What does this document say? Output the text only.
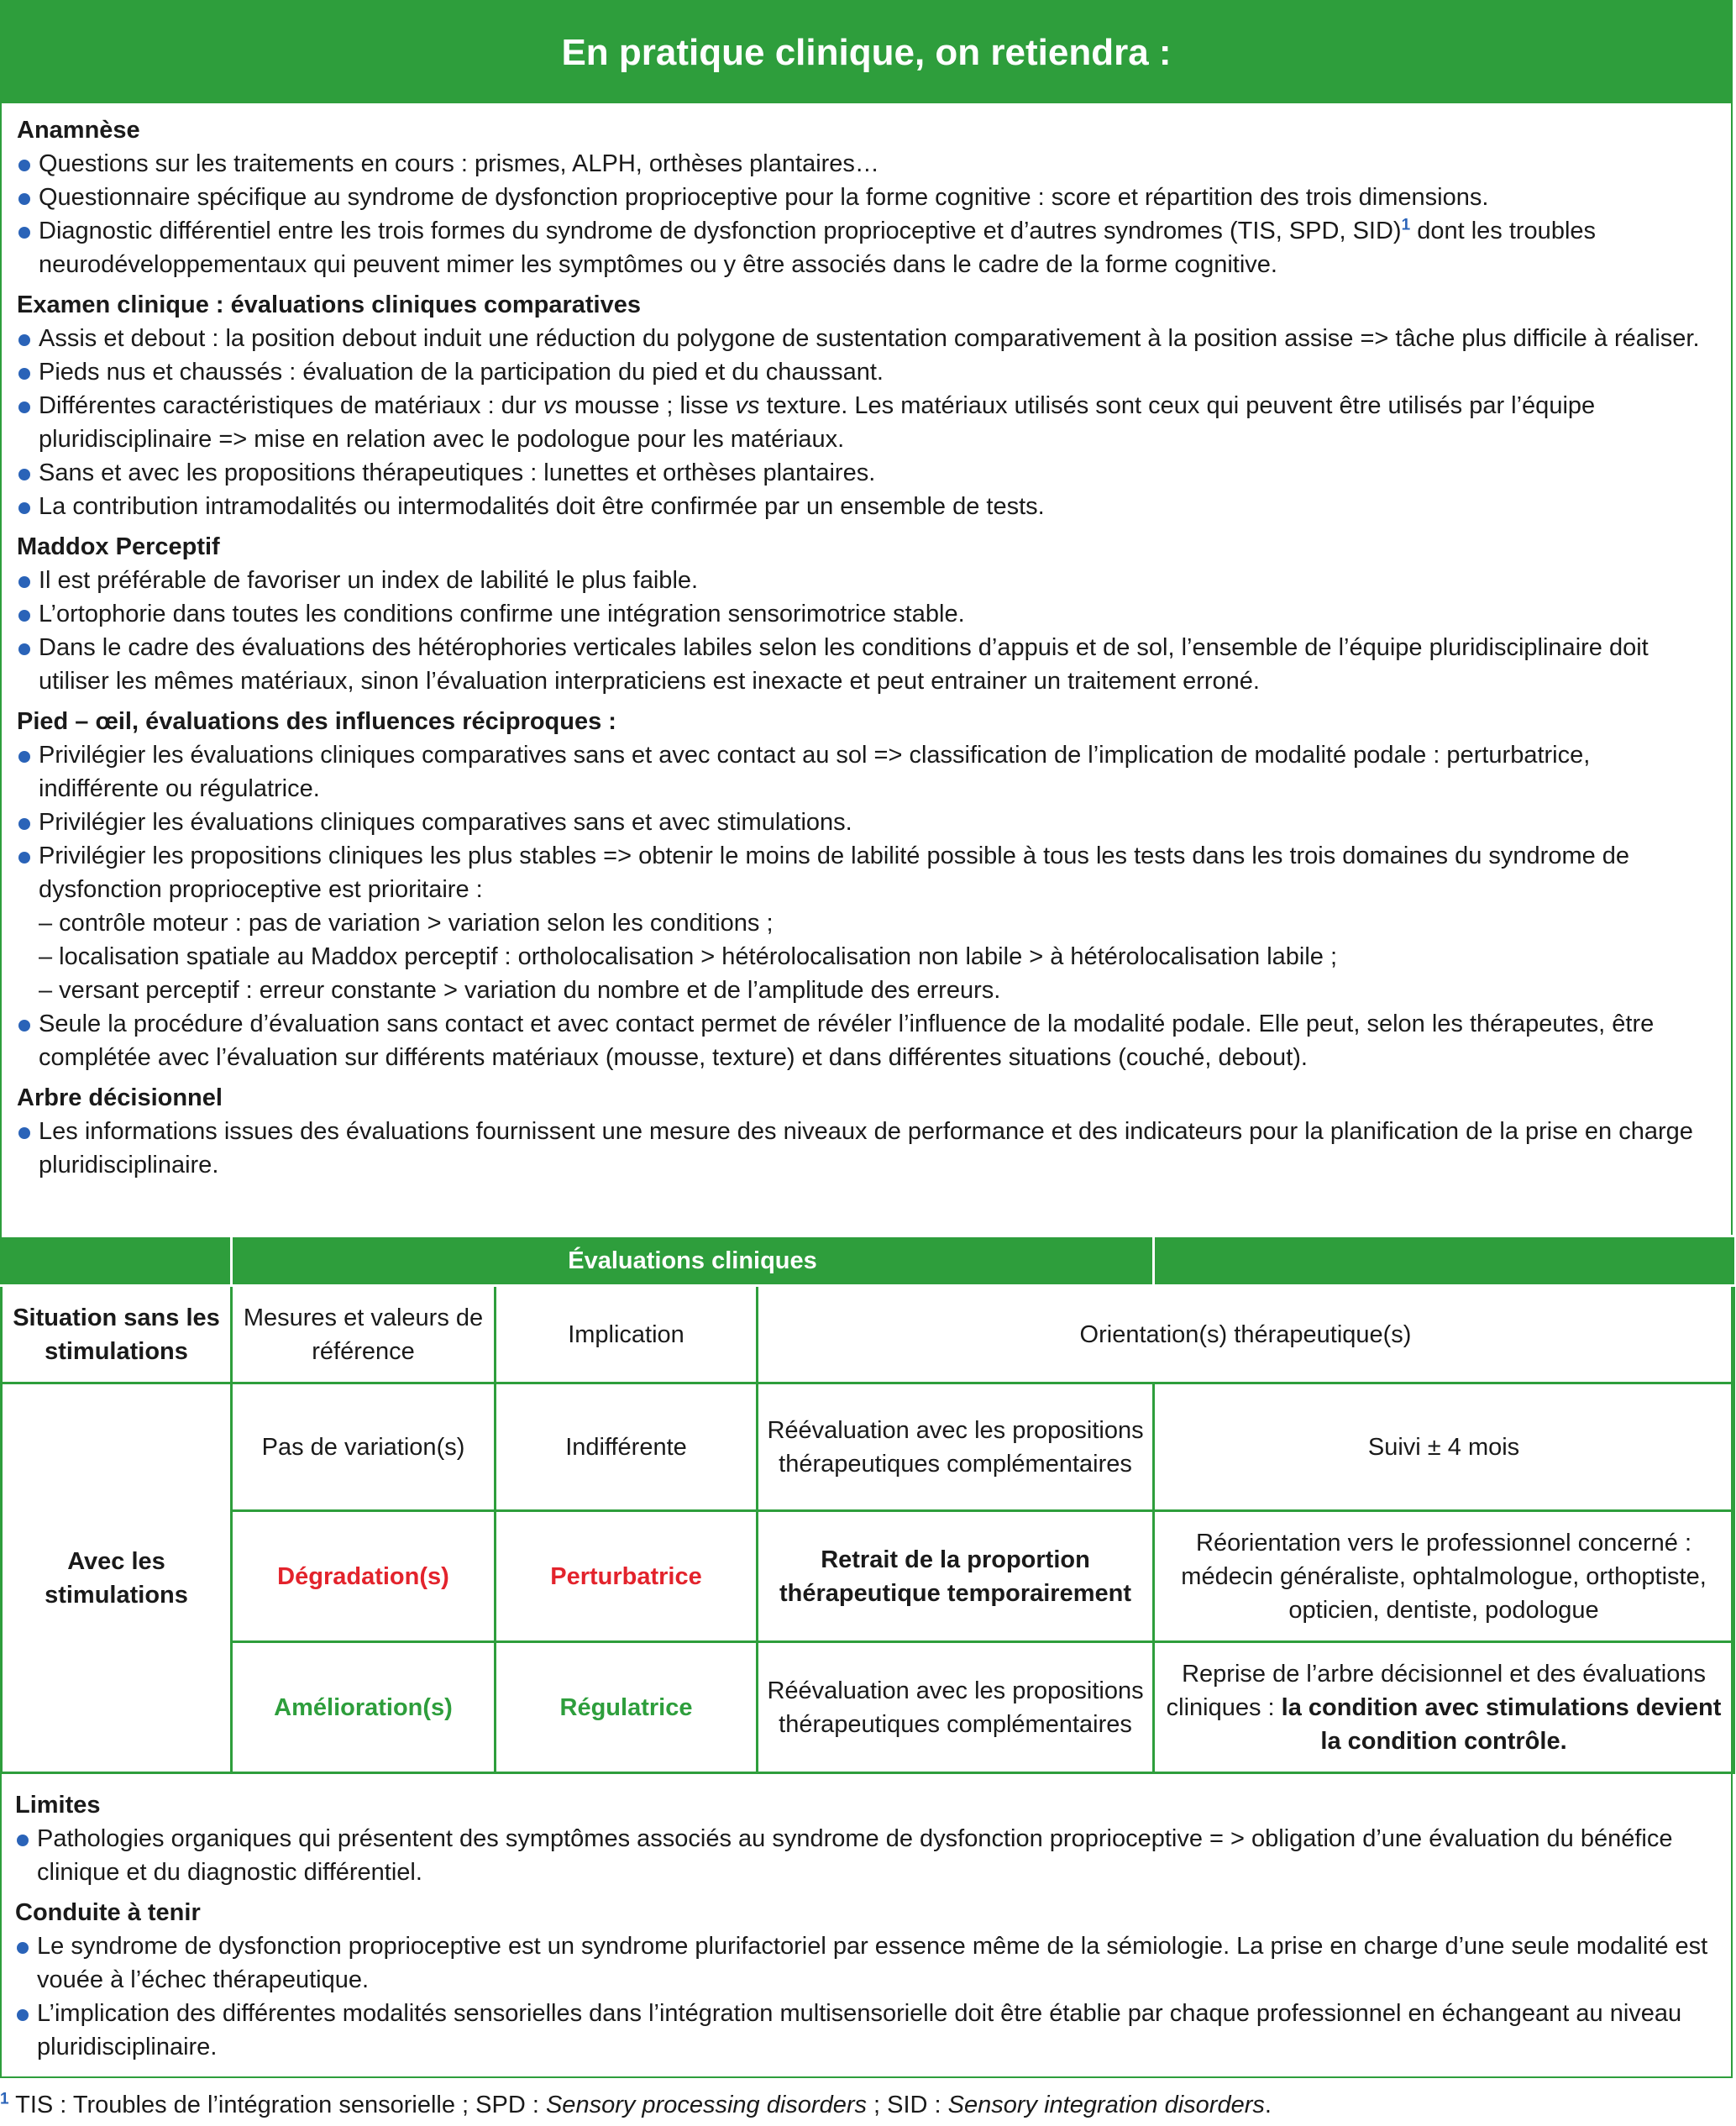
En pratique clinique, on retiendra :
Anamnèse
Questions sur les traitements en cours : prismes, ALPH, orthèses plantaires…
Questionnaire spécifique au syndrome de dysfonction proprioceptive pour la forme cognitive : score et répartition des trois dimensions.
Diagnostic différentiel entre les trois formes du syndrome de dysfonction proprioceptive et d’autres syndromes (TIS, SPD, SID)$^1$ dont les troubles neurodéveloppementaux qui peuvent mimer les symptômes ou y être associés dans le cadre de la forme cognitive.
Examen clinique : évaluations cliniques comparatives
Assis et debout : la position debout induit une réduction du polygone de sustentation comparativement à la position assise => tâche plus difficile à réaliser.
Pieds nus et chaussés : évaluation de la participation du pied et du chaussant.
Différentes caractéristiques de matériaux : dur vs mousse ; lisse vs texture. Les matériaux utilisés sont ceux qui peuvent être utilisés par l’équipe pluridisciplinaire => mise en relation avec le podologue pour les matériaux.
Sans et avec les propositions thérapeutiques : lunettes et orthèses plantaires.
La contribution intramodalités ou intermodalités doit être confirmée par un ensemble de tests.
Maddox Perceptif
Il est préférable de favoriser un index de labilité le plus faible.
L’ortophorie dans toutes les conditions confirme une intégration sensorimotrice stable.
Dans le cadre des évaluations des hétérophories verticales labiles selon les conditions d’appuis et de sol, l’ensemble de l’équipe pluridisciplinaire doit utiliser les mêmes matériaux, sinon l’évaluation interpraticiens est inexacte et peut entrainer un traitement erroné.
Pied – œil, évaluations des influences réciproques :
Privilégier les évaluations cliniques comparatives sans et avec contact au sol => classification de l’implication de modalité podale : perturbatrice, indifférente ou régulatrice.
Privilégier les évaluations cliniques comparatives sans et avec stimulations.
Privilégier les propositions cliniques les plus stables => obtenir le moins de labilité possible à tous les tests dans les trois domaines du syndrome de dysfonction proprioceptive est prioritaire :
– contrôle moteur : pas de variation > variation selon les conditions ;
– localisation spatiale au Maddox perceptif : ortholocalisation > hétérolocalisation non labile > à hétérolocalisation labile ;
– versant perceptif : erreur constante > variation du nombre et de l’amplitude des erreurs.
Seule la procédure d’évaluation sans contact et avec contact permet de révéler l’influence de la modalité podale. Elle peut, selon les thérapeutes, être complétée avec l’évaluation sur différents matériaux (mousse, texture) et dans différentes situations (couché, debout).
Arbre décisionnel
Les informations issues des évaluations fournissent une mesure des niveaux de performance et des indicateurs pour la planification de la prise en charge pluridisciplinaire.
	Évaluations cliniques			
Situation sans les stimulations	Mesures et valeurs de référence	Implication	Orientation(s) thérapeutique(s)	
Avec les stimulations	Pas de variation(s)	Indifférente	Réévaluation avec les propositions thérapeutiques complémentaires	Suivi ± 4 mois
	Dégradation(s)	Perturbatrice	Retrait de la proportion thérapeutique temporairement	Réorientation vers le professionnel concerné : médecin généraliste, ophtalmologue, orthoptiste, opticien, dentiste, podologue
	Amélioration(s)	Régulatrice	Réévaluation avec les propositions thérapeutiques complémentaires	Reprise de l’arbre décisionnel et des évaluations cliniques : la condition avec stimulations devient la condition contrôle.
Limites
Pathologies organiques qui présentent des symptômes associés au syndrome de dysfonction proprioceptive = > obligation d’une évaluation du bénéfice clinique et du diagnostic différentiel.
Conduite à tenir
Le syndrome de dysfonction proprioceptive est un syndrome plurifactoriel par essence même de la sémiologie. La prise en charge d’une seule modalité est vouée à l’échec thérapeutique.
L’implication des différentes modalités sensorielles dans l’intégration multisensorielle doit être établie par chaque professionnel en échangeant au niveau pluridisciplinaire.
$^1$ TIS : Troubles de l’intégration sensorielle ; SPD : Sensory processing disorders ; SID : Sensory integration disorders.
